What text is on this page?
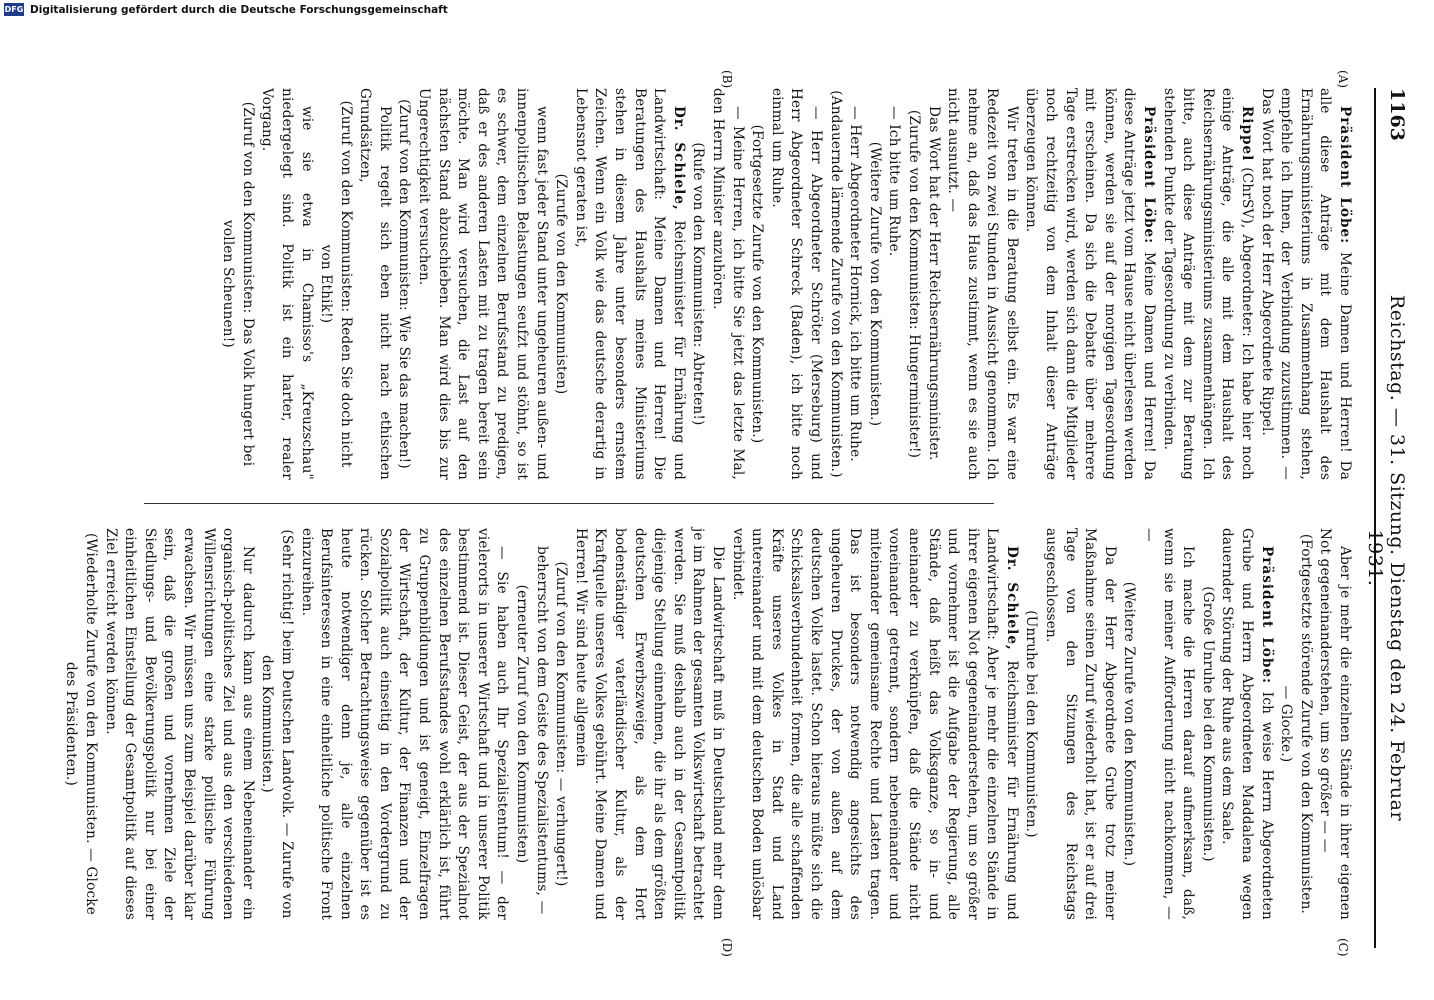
DFG Digitalisierung gefördert durch die Deutsche Forschungsgemeinschaft
1163
Reichstag. — 31. Sitzung. Dienstag den 24. Februar 1931.
(A)
(B)
(C)
(D)

Präsident Löbe: Meine Damen und Herren! Da alle diese Anträge mit dem Haushalt des Ernährungsministeriums in Zusammenhang stehen, empfehle ich Ihnen, der Verbindung zuzustimmen. — Das Wort hat noch der Herr Abgeordnete Rippel.

Rippel (ChrSV), Abgeordneter: Ich habe hier noch einige Anträge, die alle mit dem Haushalt des Reichsernährungsministeriums zusammenhängen. Ich bitte, auch diese Anträge mit dem zur Beratung stehenden Punkte der Tagesordnung zu verbinden.

Präsident Löbe: Meine Damen und Herren! Da diese Anträge jetzt vom Hause nicht überlesen werden können, werden sie auf der morgigen Tagesordnung mit erscheinen. Da sich die Debatte über mehrere Tage erstrecken wird, werden sich dann die Mitglieder noch rechtzeitig von dem Inhalt dieser Anträge überzeugen können.

Wir treten in die Beratung selbst ein. Es war eine Redezeit von zwei Stunden in Aussicht genommen. Ich nehme an, daß das Haus zustimmt, wenn es sie auch nicht ausnutzt. —

Das Wort hat der Herr Reichsernährungsminister.

(Zurufe von den Kommunisten: Hungerminister!)

— Ich bitte um Ruhe.

(Weitere Zurufe von den Kommunisten.)

— Herr Abgeordneter Hornick, ich bitte um Ruhe.

(Andauernde lärmende Zurufe von den Kommunisten.)

— Herr Abgeordneter Schröter (Merseburg) und Herr Abgeordneter Schreck (Baden), ich bitte noch einmal um Ruhe.

(Fortgesetzte Zurufe von den Kommunisten.)

— Meine Herren, ich bitte Sie jetzt das letzte Mal, den Herrn Minister anzuhören.

(Rufe von den Kommunisten: Abtreten!)

Dr. Schiele, Reichsminister für Ernährung und Landwirtschaft: Meine Damen und Herren! Die Beratungen des Haushalts meines Ministeriums stehen in diesem Jahre unter besonders ernstem Zeichen. Wenn ein Volk wie das deutsche derartig in Lebensnot geraten ist,

(Zurufe von den Kommunisten)

wenn fast jeder Stand unter ungeheuren außen- und innenpolitischen Belastungen seufzt und stöhnt, so ist es schwer, dem einzelnen Berufsstand zu predigen, daß er des anderen Lasten mit zu tragen bereit sein möchte. Man wird versuchen, die Last auf den nächsten Stand abzuschieben. Man wird dies bis zur Ungerechtigkeit versuchen.

(Zuruf von den Kommunisten: Wie Sie das machen!)

Politik regelt sich eben nicht nach ethischen Grundsätzen,

(Zuruf von den Kommunisten: Reden Sie doch nicht von Ethik!)

wie sie etwa in Chamisso's „Kreuzschau" niedergelegt sind. Politik ist ein harter, realer Vorgang.

(Zuruf von den Kommunisten: Das Volk hungert bei vollen Scheunen!)

Aber je mehr die einzelnen Stände in ihrer eigenen Not gegeneinanderstehen, um so größer — —

(Fortgesetzte störende Zurufe von den Kommunisten. — Glocke.)

Präsident Löbe: Ich weise Herrn Abgeordneten Grube und Herrn Abgeordneten Maddalena wegen dauernder Störung der Ruhe aus dem Saale.

(Große Unruhe bei den Kommunisten.)

Ich mache die Herren darauf aufmerksam, daß, wenn sie meiner Aufforderung nicht nachkommen, — —

(Weitere Zurufe von den Kommunisten.)

Da der Herr Abgeordnete Grube trotz meiner Maßnahme seinen Zuruf wiederholt hat, ist er auf drei Tage von den Sitzungen des Reichstags ausgeschlossen.

(Unruhe bei den Kommunisten.)

Dr. Schiele, Reichsminister für Ernährung und Landwirtschaft: Aber je mehr die einzelnen Stände in ihrer eigenen Not gegeneinanderstehen, um so größer und vornehmer ist die Aufgabe der Regierung, alle Stände, daß heißt das Volksganze, so in- und aneinander zu verknüpfen, daß die Stände nicht voneinander getrennt, sondern nebeneinander und miteinander gemeinsame Rechte und Lasten tragen. Das ist besonders notwendig angesichts des ungeheuren Druckes, der von außen auf dem deutschen Volke lastet. Schon hieraus müßte sich die Schicksalsverbundenheit formen, die alle schaffenden Kräfte unseres Volkes in Stadt und Land untereinander und mit dem deutschen Boden unlösbar verbindet.

Die Landwirtschaft muß in Deutschland mehr denn je im Rahmen der gesamten Volkswirtschaft betrachtet werden. Sie muß deshalb auch in der Gesamtpolitik diejenige Stellung einnehmen, die ihr als dem größten deutschen Erwerbszweige, als dem Hort bodenständiger vaterländischer Kultur, als der Kraftquelle unseres Volkes gebührt. Meine Damen und Herren! Wir sind heute allgemein

(Zuruf von den Kommunisten: — verhungert!)

beherrscht von dem Geiste des Spezialistentums, —

(erneuter Zuruf von den Kommunisten)

— Sie haben auch Ihr Spezialistentum! — der vielerorts in unserer Wirtschaft und in unserer Politik bestimmend ist. Dieser Geist, der aus der Spezialnot des einzelnen Berufsstandes wohl erklärlich ist, führt zu Gruppenbildungen und ist geneigt, Einzelfragen der Wirtschaft, der Kultur, der Finanzen und der Sozialpolitik auch einseitig in den Vordergrund zu rücken. Solcher Betrachtungsweise gegenüber ist es heute notwendiger denn je, alle einzelnen Berufsinteressen in eine einheitliche politische Front einzureihen.

(Sehr richtig! beim Deutschen Landvolk. — Zurufe von den Kommunisten.)

Nur dadurch kann aus einem Nebeneinander ein organisch-politisches Ziel und aus den verschiedenen Willensrichtungen eine starke politische Führung erwachsen. Wir müssen uns zum Beispiel darüber klar sein, daß die großen und vornehmen Ziele der Siedlungs- und Bevölkerungspolitik nur bei einer einheitlichen Einstellung der Gesamtpolitik auf dieses Ziel erreicht werden können.

(Wiederholte Zurufe von den Kommunisten. — Glocke des Präsidenten.)
